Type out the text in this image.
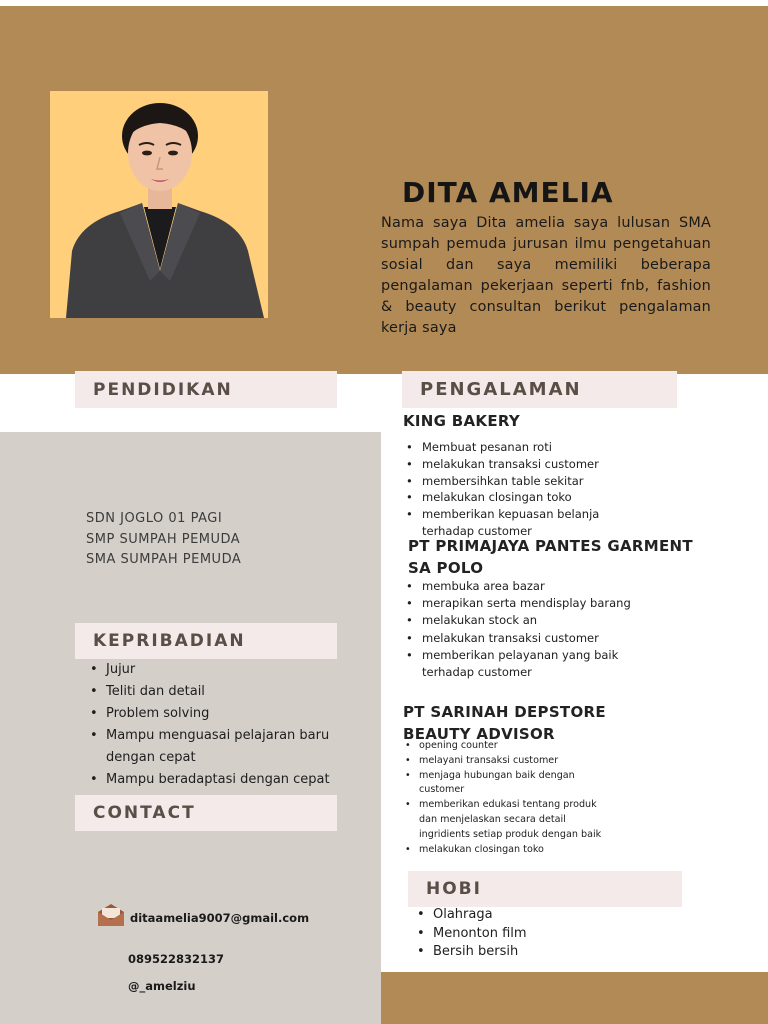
DITA AMELIA
Nama saya Dita amelia saya lulusan SMA sumpah pemuda jurusan ilmu pengetahuan sosial dan saya memiliki beberapa pengalaman pekerjaan seperti fnb, fashion & beauty consultan berikut pengalaman kerja saya
PENDIDIKAN	PENGALAMAN
KEPRIBADIAN
CONTACT
HOBI
SDN JOGLO 01 PAGI
SMP SUMPAH PEMUDA
SMA SUMPAH PEMUDA
• Jujur
• Teliti dan detail
• Problem solving
• Mampu menguasai pelajaran baru dengan cepat
• Mampu beradaptasi dengan cepat
KING BAKERY
• Membuat pesanan roti
• melakukan transaksi customer
• membersihkan table sekitar
• melakukan closingan toko
• memberikan kepuasan belanja terhadap customer
PT PRIMAJAYA PANTES GARMENT SA POLO
• membuka area bazar
• merapikan serta mendisplay barang
• melakukan stock an
• melakukan transaksi customer
• memberikan pelayanan yang baik terhadap customer
PT SARINAH DEPSTORE BEAUTY ADVISOR
• opening counter
• melayani transaksi customer
• menjaga hubungan baik dengan customer
• memberikan edukasi tentang produk dan menjelaskan secara detail ingridients setiap produk dengan baik
• melakukan closingan toko
• Olahraga
• Menonton film
• Bersih bersih
ditaamelia9007@gmail.com
089522832137
@_amelziu
